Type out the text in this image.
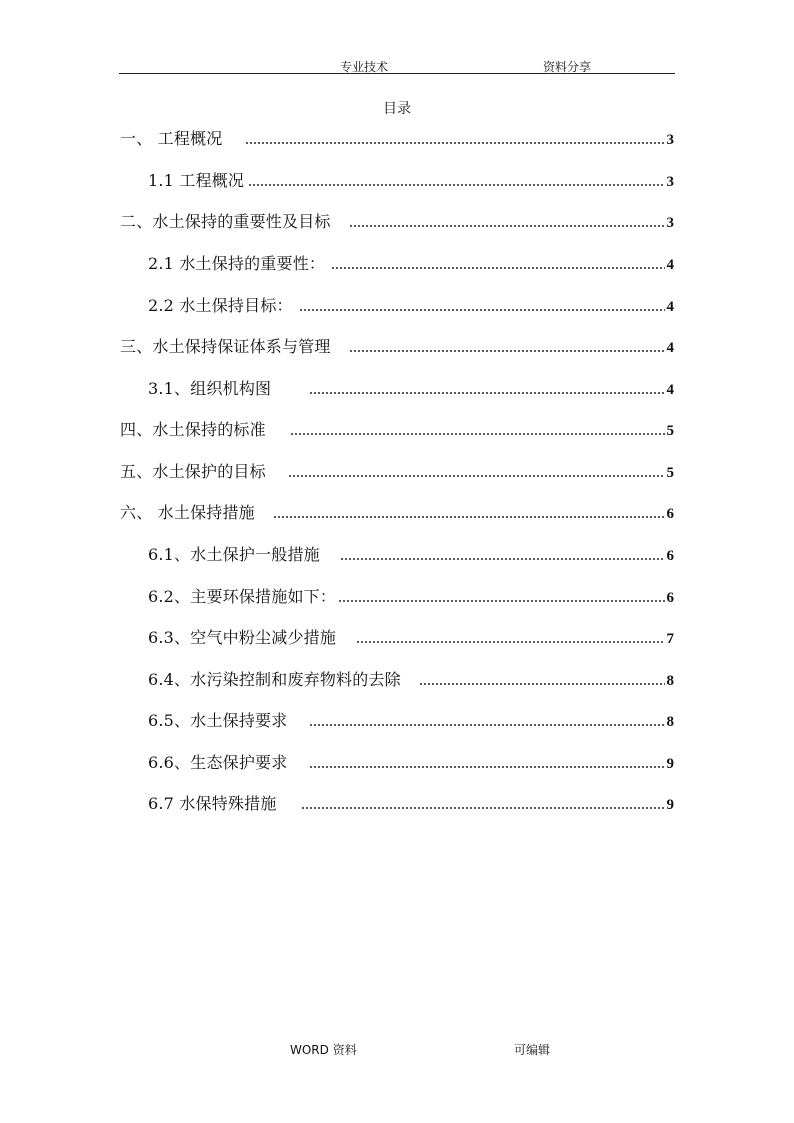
专业技术	资料分享
目录
一、 工程概况	3
1.1 工程概况	3
二、水土保持的重要性及目标	3
2.1 水土保持的重要性：	4
2.2 水土保持目标：	4
三、水土保持保证体系与管理	4
3.1、组织机构图	4
四、水土保持的标准	5
五、水土保护的目标	5
六、 水土保持措施	6
6.1、水土保护一般措施	6
6.2、主要环保措施如下：	6
6.3、空气中粉尘减少措施	7
6.4、水污染控制和废弃物料的去除	8
6.5、水土保持要求	8
6.6、生态保护要求	9
6.7 水保特殊措施	9
WORD 资料	可编辑
